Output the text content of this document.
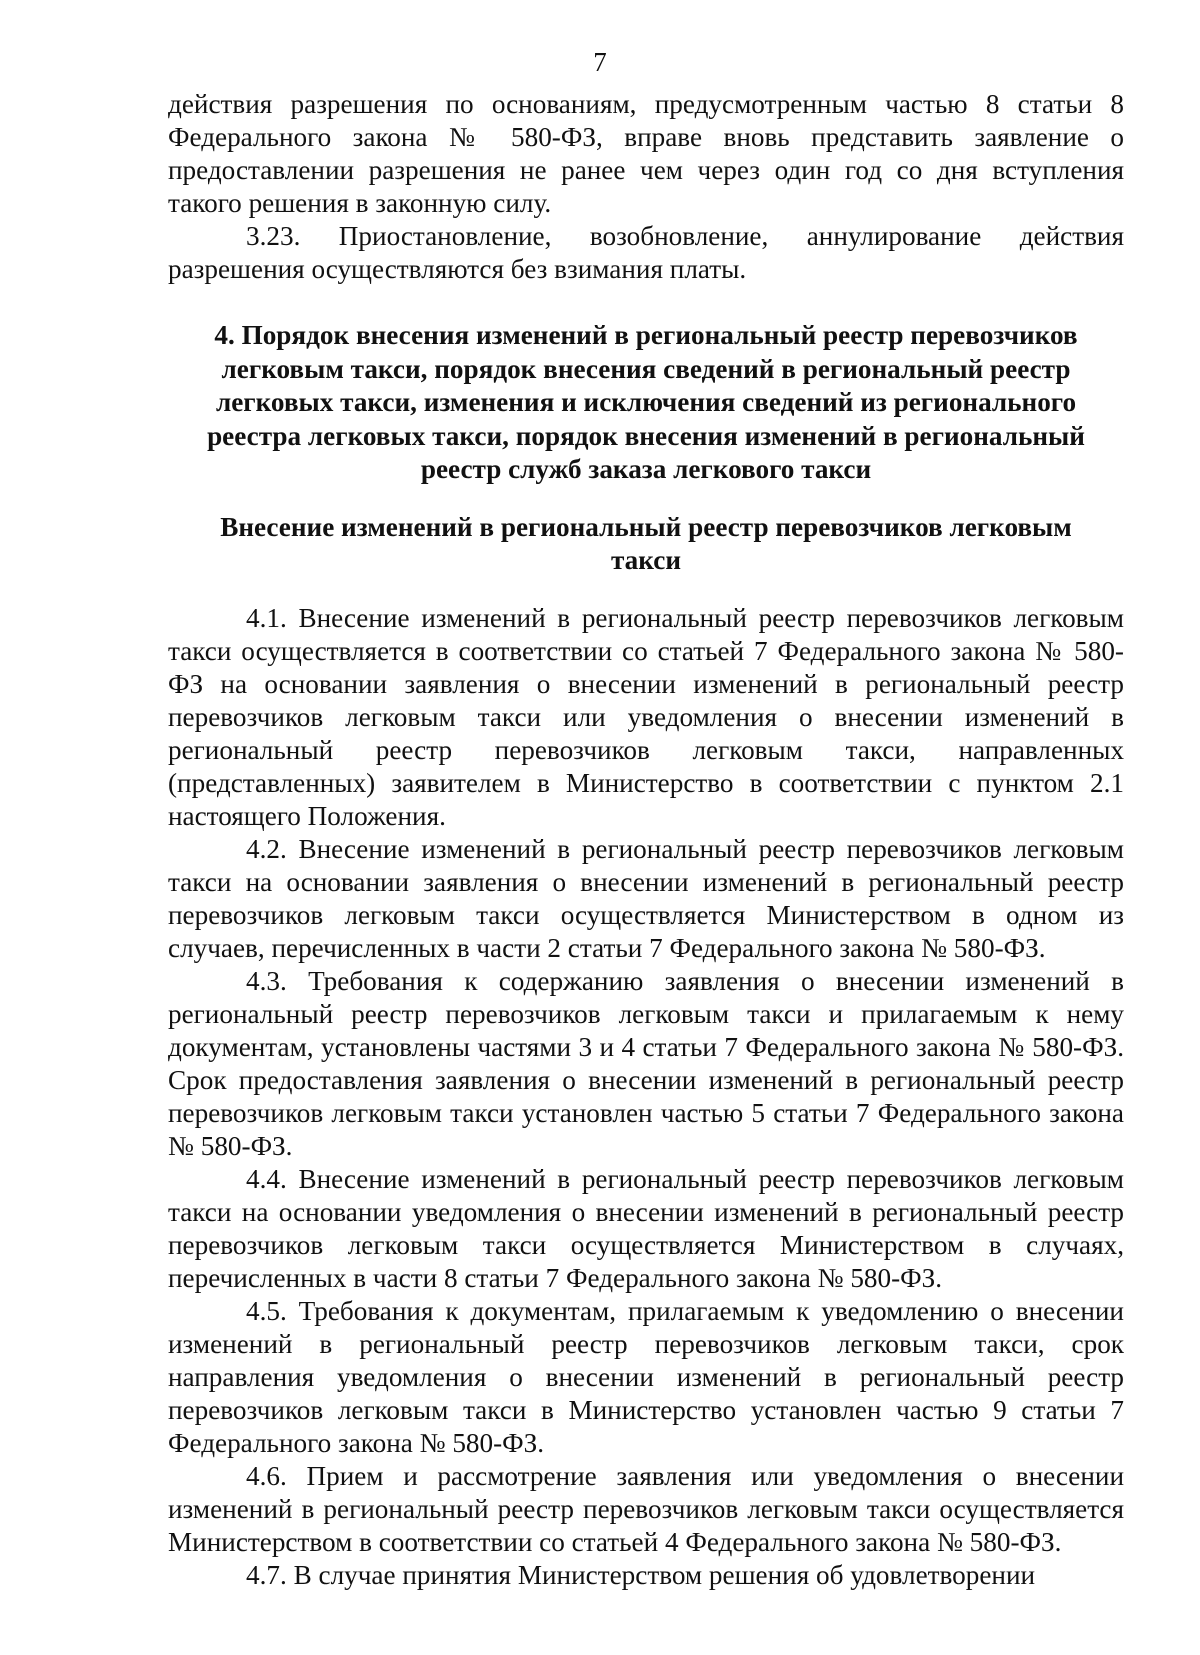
7

действия разрешения по основаниям, предусмотренным частью 8 статьи 8 Федерального закона № 580-ФЗ, вправе вновь представить заявление о предоставлении разрешения не ранее чем через один год со дня вступления такого решения в законную силу.

3.23. Приостановление, возобновление, аннулирование действия разрешения осуществляются без взимания платы.

4. Порядок внесения изменений в региональный реестр перевозчиков легковым такси, порядок внесения сведений в региональный реестр легковых такси, изменения и исключения сведений из регионального реестра легковых такси, порядок внесения изменений в региональный реестр служб заказа легкового такси
Внесение изменений в региональный реестр перевозчиков легковым такси

4.1. Внесение изменений в региональный реестр перевозчиков легковым такси осуществляется в соответствии со статьей 7 Федерального закона № 580-ФЗ на основании заявления о внесении изменений в региональный реестр перевозчиков легковым такси или уведомления о внесении изменений в региональный реестр перевозчиков легковым такси, направленных (представленных) заявителем в Министерство в соответствии с пунктом 2.1 настоящего Положения.

4.2. Внесение изменений в региональный реестр перевозчиков легковым такси на основании заявления о внесении изменений в региональный реестр перевозчиков легковым такси осуществляется Министерством в одном из случаев, перечисленных в части 2 статьи 7 Федерального закона № 580-ФЗ.

4.3. Требования к содержанию заявления о внесении изменений в региональный реестр перевозчиков легковым такси и прилагаемым к нему документам, установлены частями 3 и 4 статьи 7 Федерального закона № 580-ФЗ. Срок предоставления заявления о внесении изменений в региональный реестр перевозчиков легковым такси установлен частью 5 статьи 7 Федерального закона № 580-ФЗ.

4.4. Внесение изменений в региональный реестр перевозчиков легковым такси на основании уведомления о внесении изменений в региональный реестр перевозчиков легковым такси осуществляется Министерством в случаях, перечисленных в части 8 статьи 7 Федерального закона № 580-ФЗ.

4.5. Требования к документам, прилагаемым к уведомлению о внесении изменений в региональный реестр перевозчиков легковым такси, срок направления уведомления о внесении изменений в региональный реестр перевозчиков легковым такси в Министерство установлен частью 9 статьи 7 Федерального закона № 580-ФЗ.

4.6. Прием и рассмотрение заявления или уведомления о внесении изменений в региональный реестр перевозчиков легковым такси осуществляется Министерством в соответствии со статьей 4 Федерального закона № 580-ФЗ.

4.7. В случае принятия Министерством решения об удовлетворении
